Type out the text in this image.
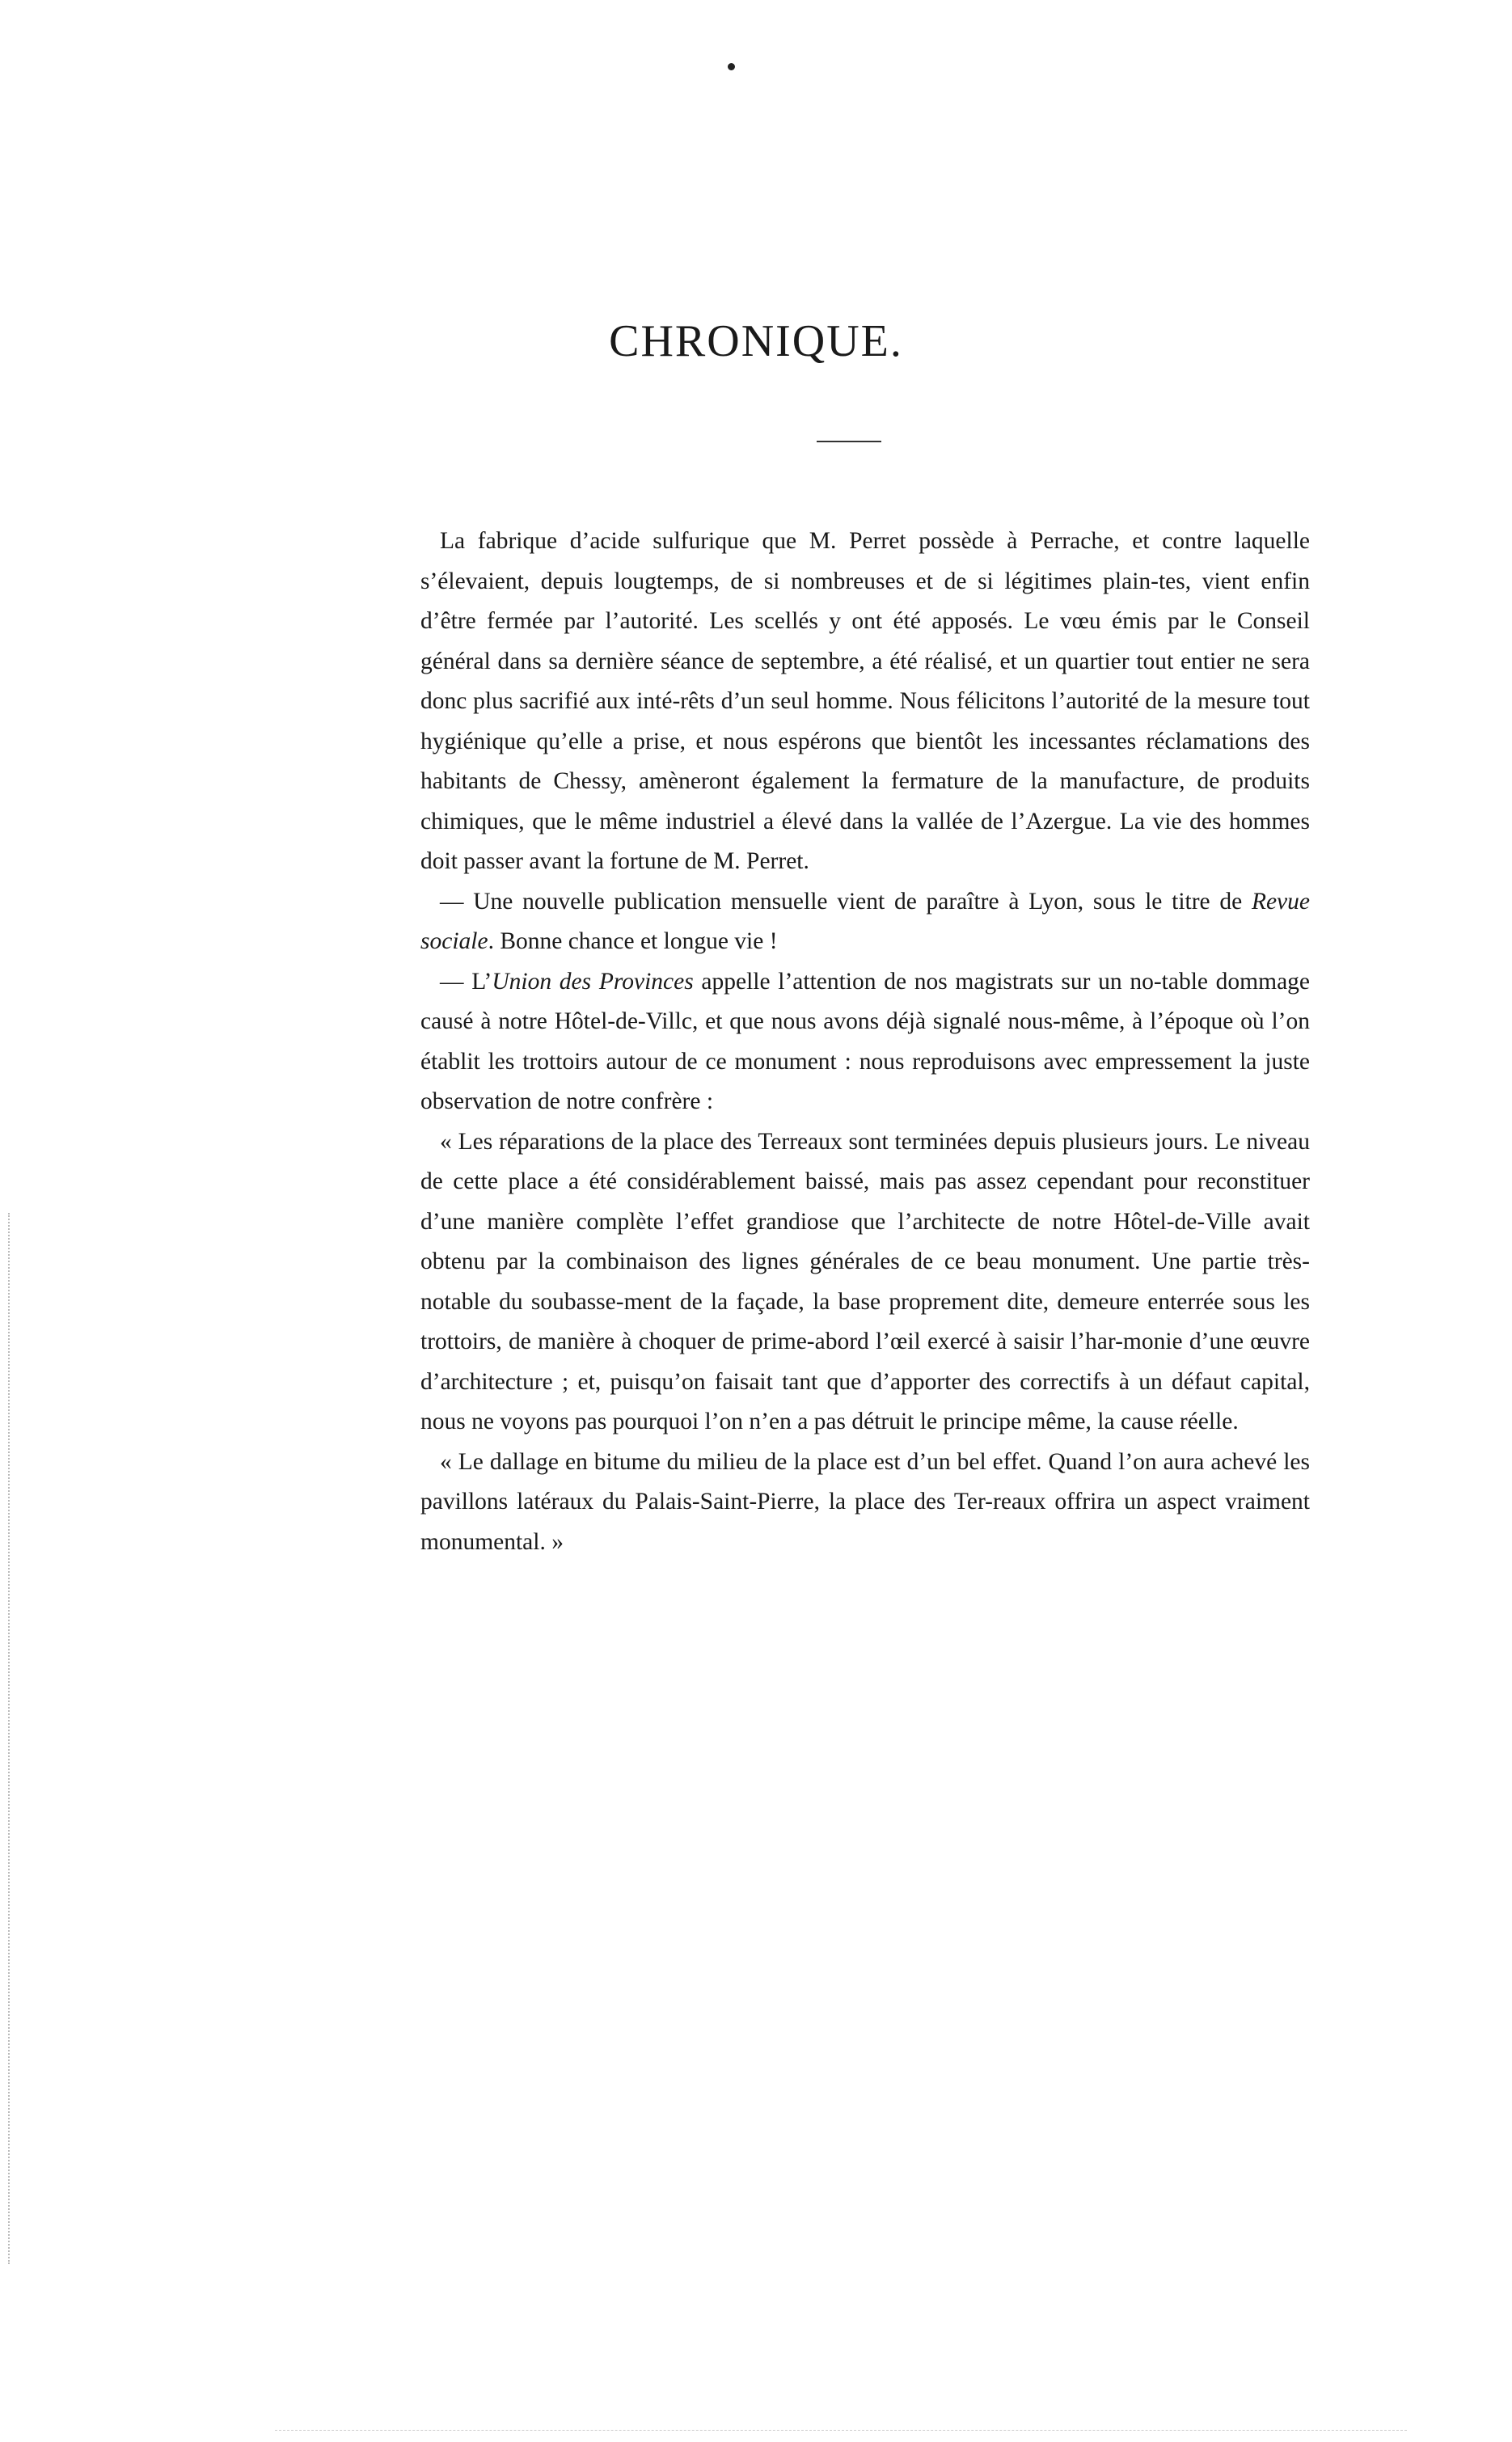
CHRONIQUE.

La fabrique d’acide sulfurique que M. Perret possède à Perrache, et contre laquelle s’élevaient, depuis lougtemps, de si nombreuses et de si légitimes plain-tes, vient enfin d’être fermée par l’autorité. Les scellés y ont été apposés. Le vœu émis par le Conseil général dans sa dernière séance de septembre, a été réalisé, et un quartier tout entier ne sera donc plus sacrifié aux inté-rêts d’un seul homme. Nous félicitons l’autorité de la mesure tout hygiénique qu’elle a prise, et nous espérons que bientôt les incessantes réclamations des habitants de Chessy, amèneront également la fermature de la manufacture, de produits chimiques, que le même industriel a élevé dans la vallée de l’Azergue. La vie des hommes doit passer avant la fortune de M. Perret.

— Une nouvelle publication mensuelle vient de paraître à Lyon, sous le titre de Revue sociale. Bonne chance et longue vie !

— L’Union des Provinces appelle l’attention de nos magistrats sur un no-table dommage causé à notre Hôtel-de-Villc, et que nous avons déjà signalé nous-même, à l’époque où l’on établit les trottoirs autour de ce monument : nous reproduisons avec empressement la juste observation de notre confrère :

« Les réparations de la place des Terreaux sont terminées depuis plusieurs jours. Le niveau de cette place a été considérablement baissé, mais pas assez cependant pour reconstituer d’une manière complète l’effet grandiose que l’architecte de notre Hôtel-de-Ville avait obtenu par la combinaison des lignes générales de ce beau monument. Une partie très-notable du soubasse-ment de la façade, la base proprement dite, demeure enterrée sous les trottoirs, de manière à choquer de prime-abord l’œil exercé à saisir l’har-monie d’une œuvre d’architecture ; et, puisqu’on faisait tant que d’apporter des correctifs à un défaut capital, nous ne voyons pas pourquoi l’on n’en a pas détruit le principe même, la cause réelle.

« Le dallage en bitume du milieu de la place est d’un bel effet. Quand l’on aura achevé les pavillons latéraux du Palais-Saint-Pierre, la place des Ter-reaux offrira un aspect vraiment monumental. »
